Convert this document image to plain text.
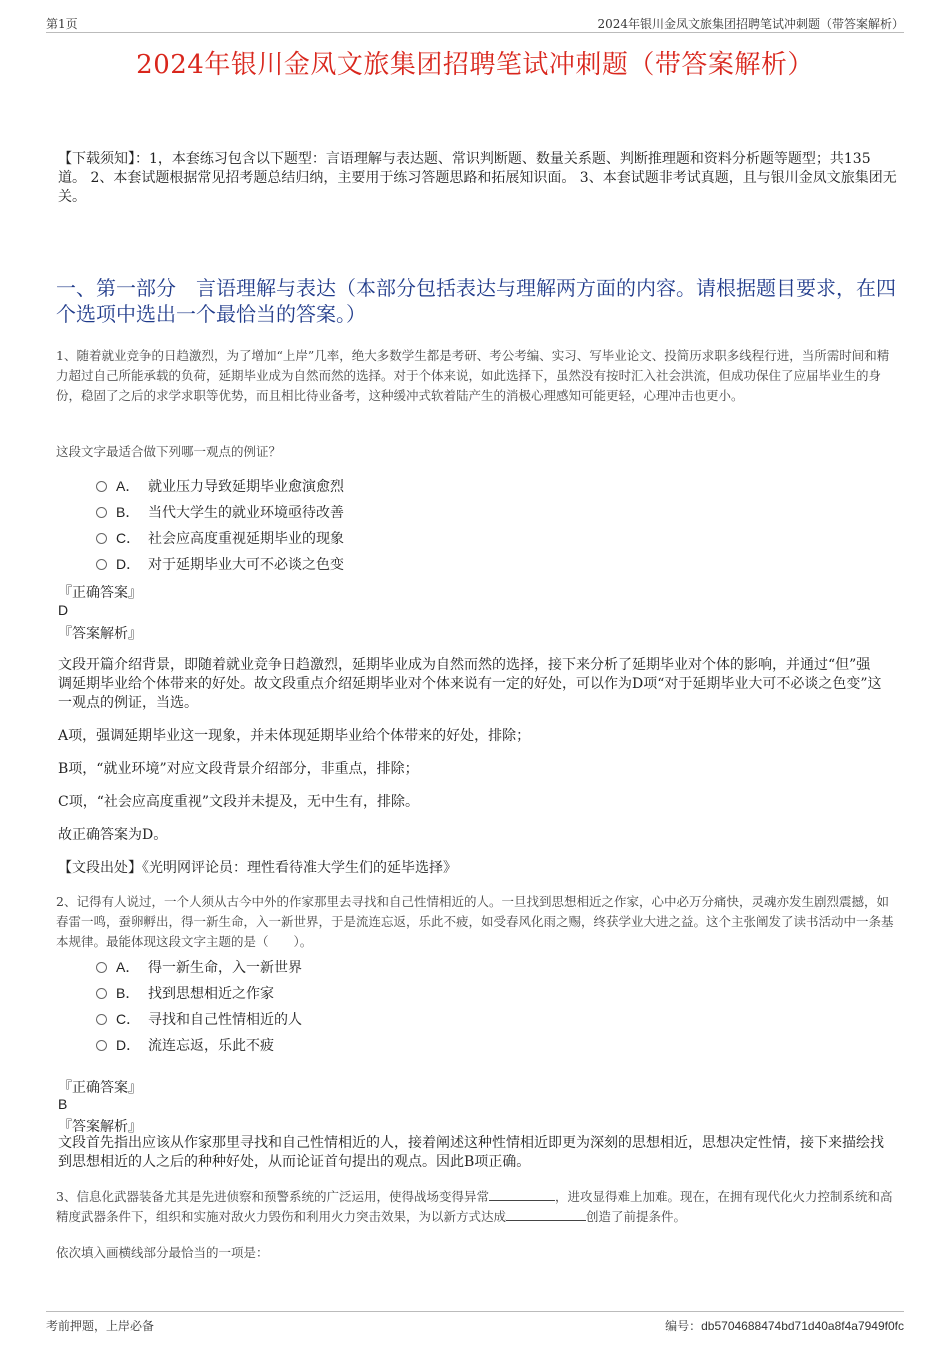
第1页	2024年银川金凤文旅集团招聘笔试冲刺题（带答案解析）
2024年银川金凤文旅集团招聘笔试冲刺题（带答案解析）
【下载须知】：1，本套练习包含以下题型：言语理解与表达题、常识判断题、数量关系题、判断推理题和资料分析题等题型；共135道。 2、本套试题根据常见招考题总结归纳，主要用于练习答题思路和拓展知识面。 3、本套试题非考试真题，且与银川金凤文旅集团无关。
一、第一部分　言语理解与表达（本部分包括表达与理解两方面的内容。请根据题目要求，在四个选项中选出一个最恰当的答案。）
1、随着就业竞争的日趋激烈，为了增加“上岸”几率，绝大多数学生都是考研、考公考编、实习、写毕业论文、投简历求职多线程行进，当所需时间和精力超过自己所能承载的负荷，延期毕业成为自然而然的选择。对于个体来说，如此选择下，虽然没有按时汇入社会洪流，但成功保住了应届毕业生的身份，稳固了之后的求学求职等优势，而且相比待业备考，这种缓冲式软着陆产生的消极心理感知可能更轻，心理冲击也更小。
这段文字最适合做下列哪一观点的例证？
A． 就业压力导致延期毕业愈演愈烈
B． 当代大学生的就业环境亟待改善
C． 社会应高度重视延期毕业的现象
D． 对于延期毕业大可不必谈之色变
『正确答案』
D
『答案解析』
文段开篇介绍背景，即随着就业竞争日趋激烈，延期毕业成为自然而然的选择，接下来分析了延期毕业对个体的影响，并通过“但”强调延期毕业给个体带来的好处。故文段重点介绍延期毕业对个体来说有一定的好处，可以作为D项“对于延期毕业大可不必谈之色变”这一观点的例证，当选。
A项，强调延期毕业这一现象，并未体现延期毕业给个体带来的好处，排除；
B项，“就业环境”对应文段背景介绍部分，非重点，排除；
C项，“社会应高度重视”文段并未提及，无中生有，排除。
故正确答案为D。
【文段出处】《光明网评论员：理性看待准大学生们的延毕选择》
2、记得有人说过，一个人须从古今中外的作家那里去寻找和自己性情相近的人。一旦找到思想相近之作家，心中必万分痛快，灵魂亦发生剧烈震撼，如春雷一鸣，蚕卵孵出，得一新生命，入一新世界，于是流连忘返，乐此不疲，如受春风化雨之赐，终获学业大进之益。这个主张阐发了读书活动中一条基本规律。最能体现这段文字主题的是（　　）。
A． 得一新生命，入一新世界
B． 找到思想相近之作家
C． 寻找和自己性情相近的人
D． 流连忘返，乐此不疲
『正确答案』
B
『答案解析』
文段首先指出应该从作家那里寻找和自己性情相近的人，接着阐述这种性情相近即更为深刻的思想相近，思想决定性情，接下来描绘找到思想相近的人之后的种种好处，从而论证首句提出的观点。因此B项正确。
3、信息化武器装备尤其是先进侦察和预警系统的广泛运用，使得战场变得异常	，进攻显得难上加难。现在，在拥有现代化火力控制系统和高精度武器条件下，组织和实施对敌火力毁伤和利用火力突击效果，为以新方式达成	创造了前提条件。
依次填入画横线部分最恰当的一项是：
考前押题，上岸必备	编号：db5704688474bd71d40a8f4a7949f0fc
